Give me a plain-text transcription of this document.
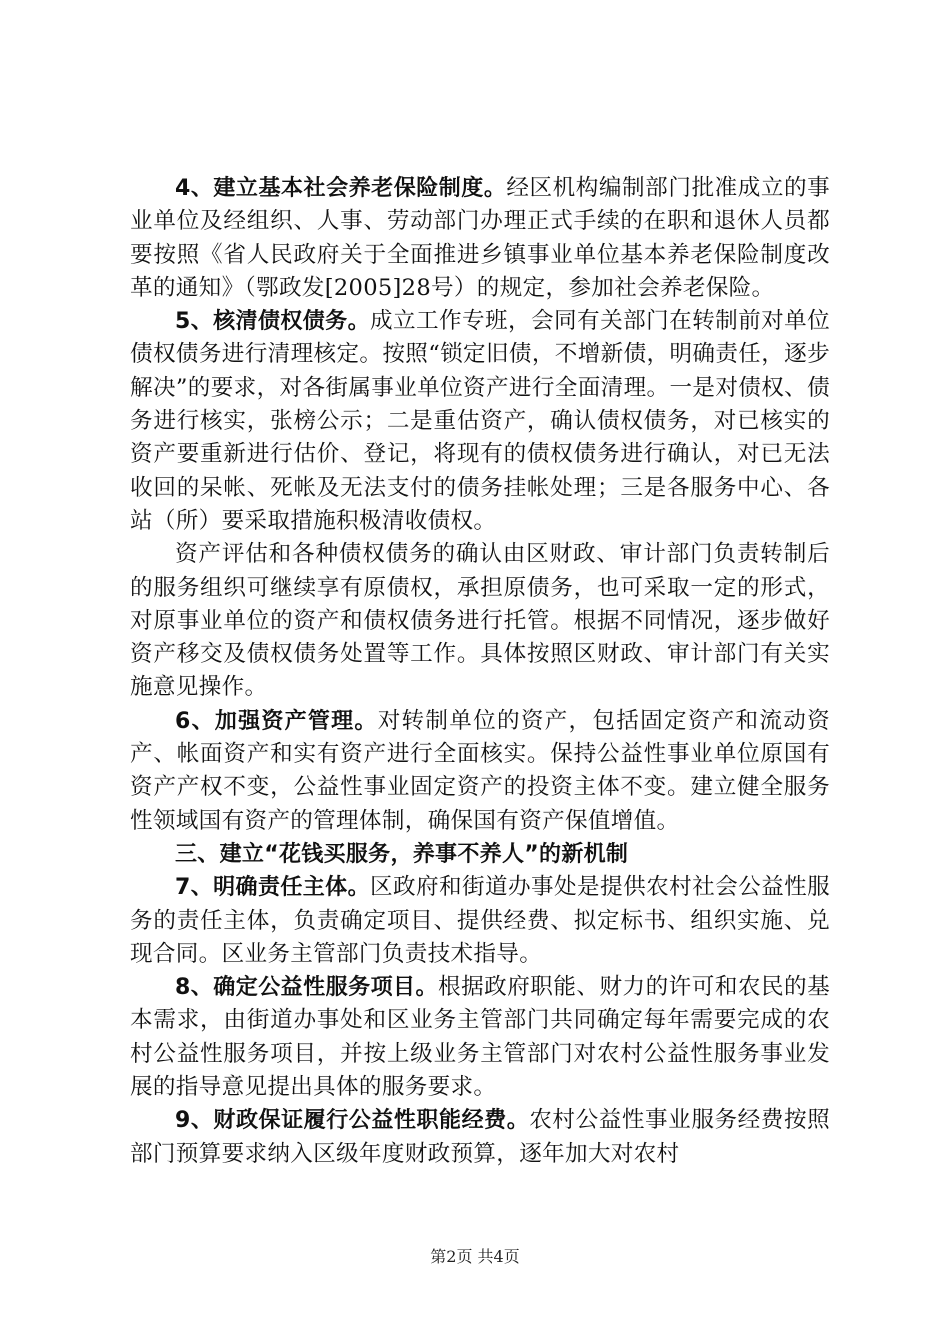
4、建立基本社会养老保险制度。经区机构编制部门批准成立的事业单位及经组织、人事、劳动部门办理正式手续的在职和退休人员都要按照《省人民政府关于全面推进乡镇事业单位基本养老保险制度改革的通知》（鄂政发[2005]28号）的规定，参加社会养老保险。

5、核清债权债务。成立工作专班，会同有关部门在转制前对单位债权债务进行清理核定。按照“锁定旧债，不增新债，明确责任，逐步解决”的要求，对各街属事业单位资产进行全面清理。一是对债权、债务进行核实，张榜公示；二是重估资产，确认债权债务，对已核实的资产要重新进行估价、登记，将现有的债权债务进行确认，对已无法收回的呆帐、死帐及无法支付的债务挂帐处理；三是各服务中心、各站（所）要采取措施积极清收债权。

资产评估和各种债权债务的确认由区财政、审计部门负责转制后的服务组织可继续享有原债权，承担原债务，也可采取一定的形式，对原事业单位的资产和债权债务进行托管。根据不同情况，逐步做好资产移交及债权债务处置等工作。具体按照区财政、审计部门有关实施意见操作。

6、加强资产管理。对转制单位的资产，包括固定资产和流动资产、帐面资产和实有资产进行全面核实。保持公益性事业单位原国有资产产权不变，公益性事业固定资产的投资主体不变。建立健全服务性领域国有资产的管理体制，确保国有资产保值增值。

三、建立“花钱买服务，养事不养人”的新机制

7、明确责任主体。区政府和街道办事处是提供农村社会公益性服务的责任主体，负责确定项目、提供经费、拟定标书、组织实施、兑现合同。区业务主管部门负责技术指导。

8、确定公益性服务项目。根据政府职能、财力的许可和农民的基本需求，由街道办事处和区业务主管部门共同确定每年需要完成的农村公益性服务项目，并按上级业务主管部门对农村公益性服务事业发展的指导意见提出具体的服务要求。

9、财政保证履行公益性职能经费。农村公益性事业服务经费按照部门预算要求纳入区级年度财政预算，逐年加大对农村

第2页 共4页
